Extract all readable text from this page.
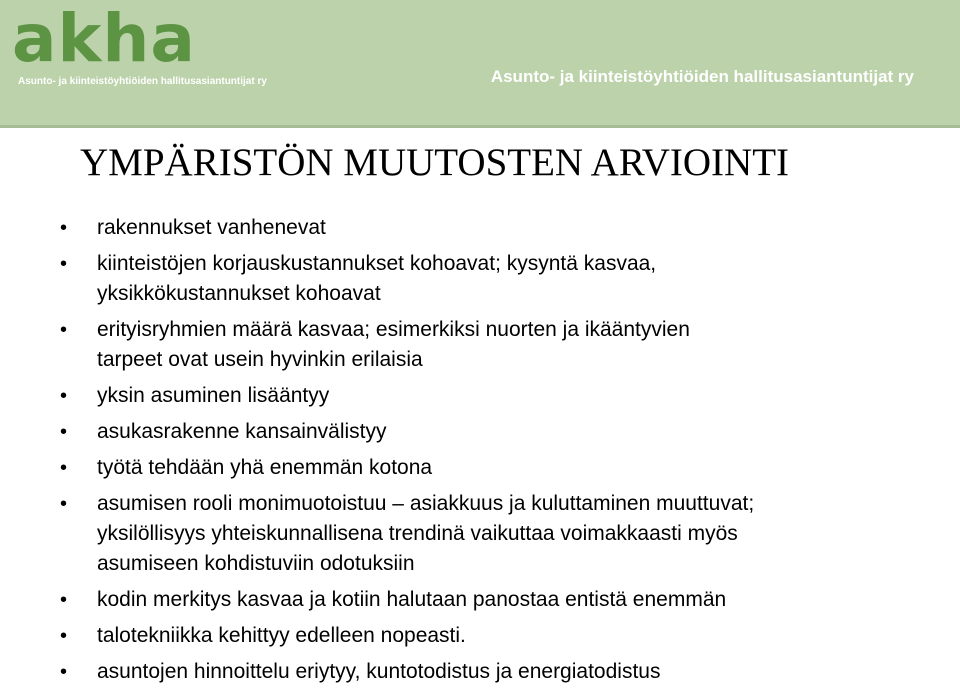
akha
Asunto- ja kiinteistöyhtiöiden hallitusasiantuntijat ry	Asunto- ja kiinteistöyhtiöiden hallitusasiantuntijat ry
YMPÄRISTÖN MUUTOSTEN ARVIOINTI
• rakennukset vanhenevat
• kiinteistöjen korjauskustannukset kohoavat; kysyntä kasvaa,
yksikkökustannukset kohoavat
• erityisryhmien määrä kasvaa; esimerkiksi nuorten ja ikääntyvien
tarpeet ovat usein hyvinkin erilaisia
• yksin asuminen lisääntyy
• asukasrakenne kansainvälistyy
• työtä tehdään yhä enemmän kotona
• asumisen rooli monimuotoistuu – asiakkuus ja kuluttaminen muuttuvat;
yksilöllisyys yhteiskunnallisena trendinä vaikuttaa voimakkaasti myös
asumiseen kohdistuviin odotuksiin
• kodin merkitys kasvaa ja kotiin halutaan panostaa entistä enemmän
• talotekniikka kehittyy edelleen nopeasti.
• asuntojen hinnoittelu eriytyy, kuntotodistus ja energiatodistus
